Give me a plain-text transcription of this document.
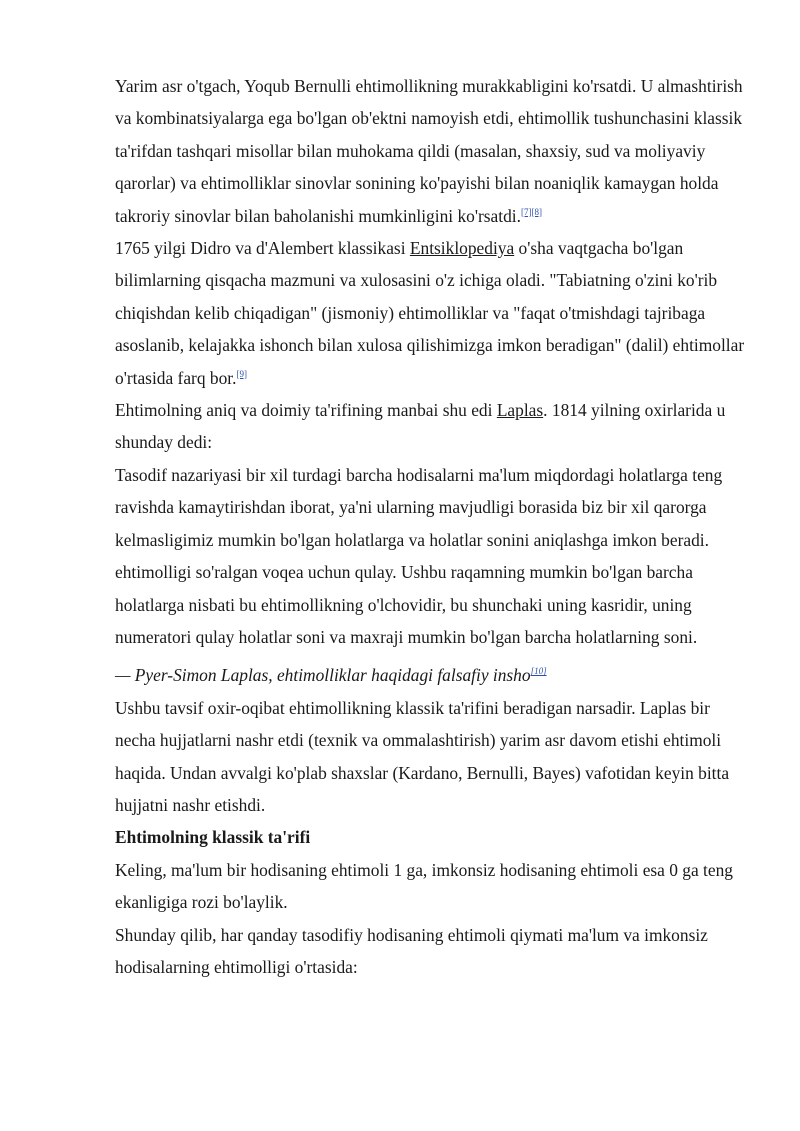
Yarim asr o'tgach, Yoqub Bernulli ehtimollikning murakkabligini ko'rsatdi. U almashtirish va kombinatsiyalarga ega bo'lgan ob'ektni namoyish etdi, ehtimollik tushunchasini klassik ta'rifdan tashqari misollar bilan muhokama qildi (masalan, shaxsiy, sud va moliyaviy qarorlar) va ehtimolliklar sinovlar sonining ko'payishi bilan noaniqlik kamaygan holda takroriy sinovlar bilan baholanishi mumkinligini ko'rsatdi.[7][8]

1765 yilgi Didro va d'Alembert klassikasi Entsiklopediya o'sha vaqtgacha bo'lgan bilimlarning qisqacha mazmuni va xulosasini o'z ichiga oladi. "Tabiatning o'zini ko'rib chiqishdan kelib chiqadigan" (jismoniy) ehtimolliklar va "faqat o'tmishdagi tajribaga asoslanib, kelajakka ishonch bilan xulosa qilishimizga imkon beradigan" (dalil) ehtimollar o'rtasida farq bor.[9]

Ehtimolning aniq va doimiy ta'rifining manbai shu edi Laplas. 1814 yilning oxirlarida u shunday dedi:

Tasodif nazariyasi bir xil turdagi barcha hodisalarni ma'lum miqdordagi holatlarga teng ravishda kamaytirishdan iborat, ya'ni ularning mavjudligi borasida biz bir xil qarorga kelmasligimiz mumkin bo'lgan holatlarga va holatlar sonini aniqlashga imkon beradi. ehtimolligi so'ralgan voqea uchun qulay. Ushbu raqamning mumkin bo'lgan barcha holatlarga nisbati bu ehtimollikning o'lchovidir, bu shunchaki uning kasridir, uning numeratori qulay holatlar soni va maxraji mumkin bo'lgan barcha holatlarning soni.

— Pyer-Simon Laplas, ehtimolliklar haqidagi falsafiy insho[10]

Ushbu tavsif oxir-oqibat ehtimollikning klassik ta'rifini beradigan narsadir. Laplas bir necha hujjatlarni nashr etdi (texnik va ommalashtirish) yarim asr davom etishi ehtimoli haqida. Undan avvalgi ko'plab shaxslar (Kardano, Bernulli, Bayes) vafotidan keyin bitta hujjatni nashr etishdi.

Ehtimolning klassik ta'rifi

Keling, ma'lum bir hodisaning ehtimoli 1 ga, imkonsiz hodisaning ehtimoli esa 0 ga teng ekanligiga rozi bo'laylik.

Shunday qilib, har qanday tasodifiy hodisaning ehtimoli qiymati ma'lum va imkonsiz hodisalarning ehtimolligi o'rtasida:
